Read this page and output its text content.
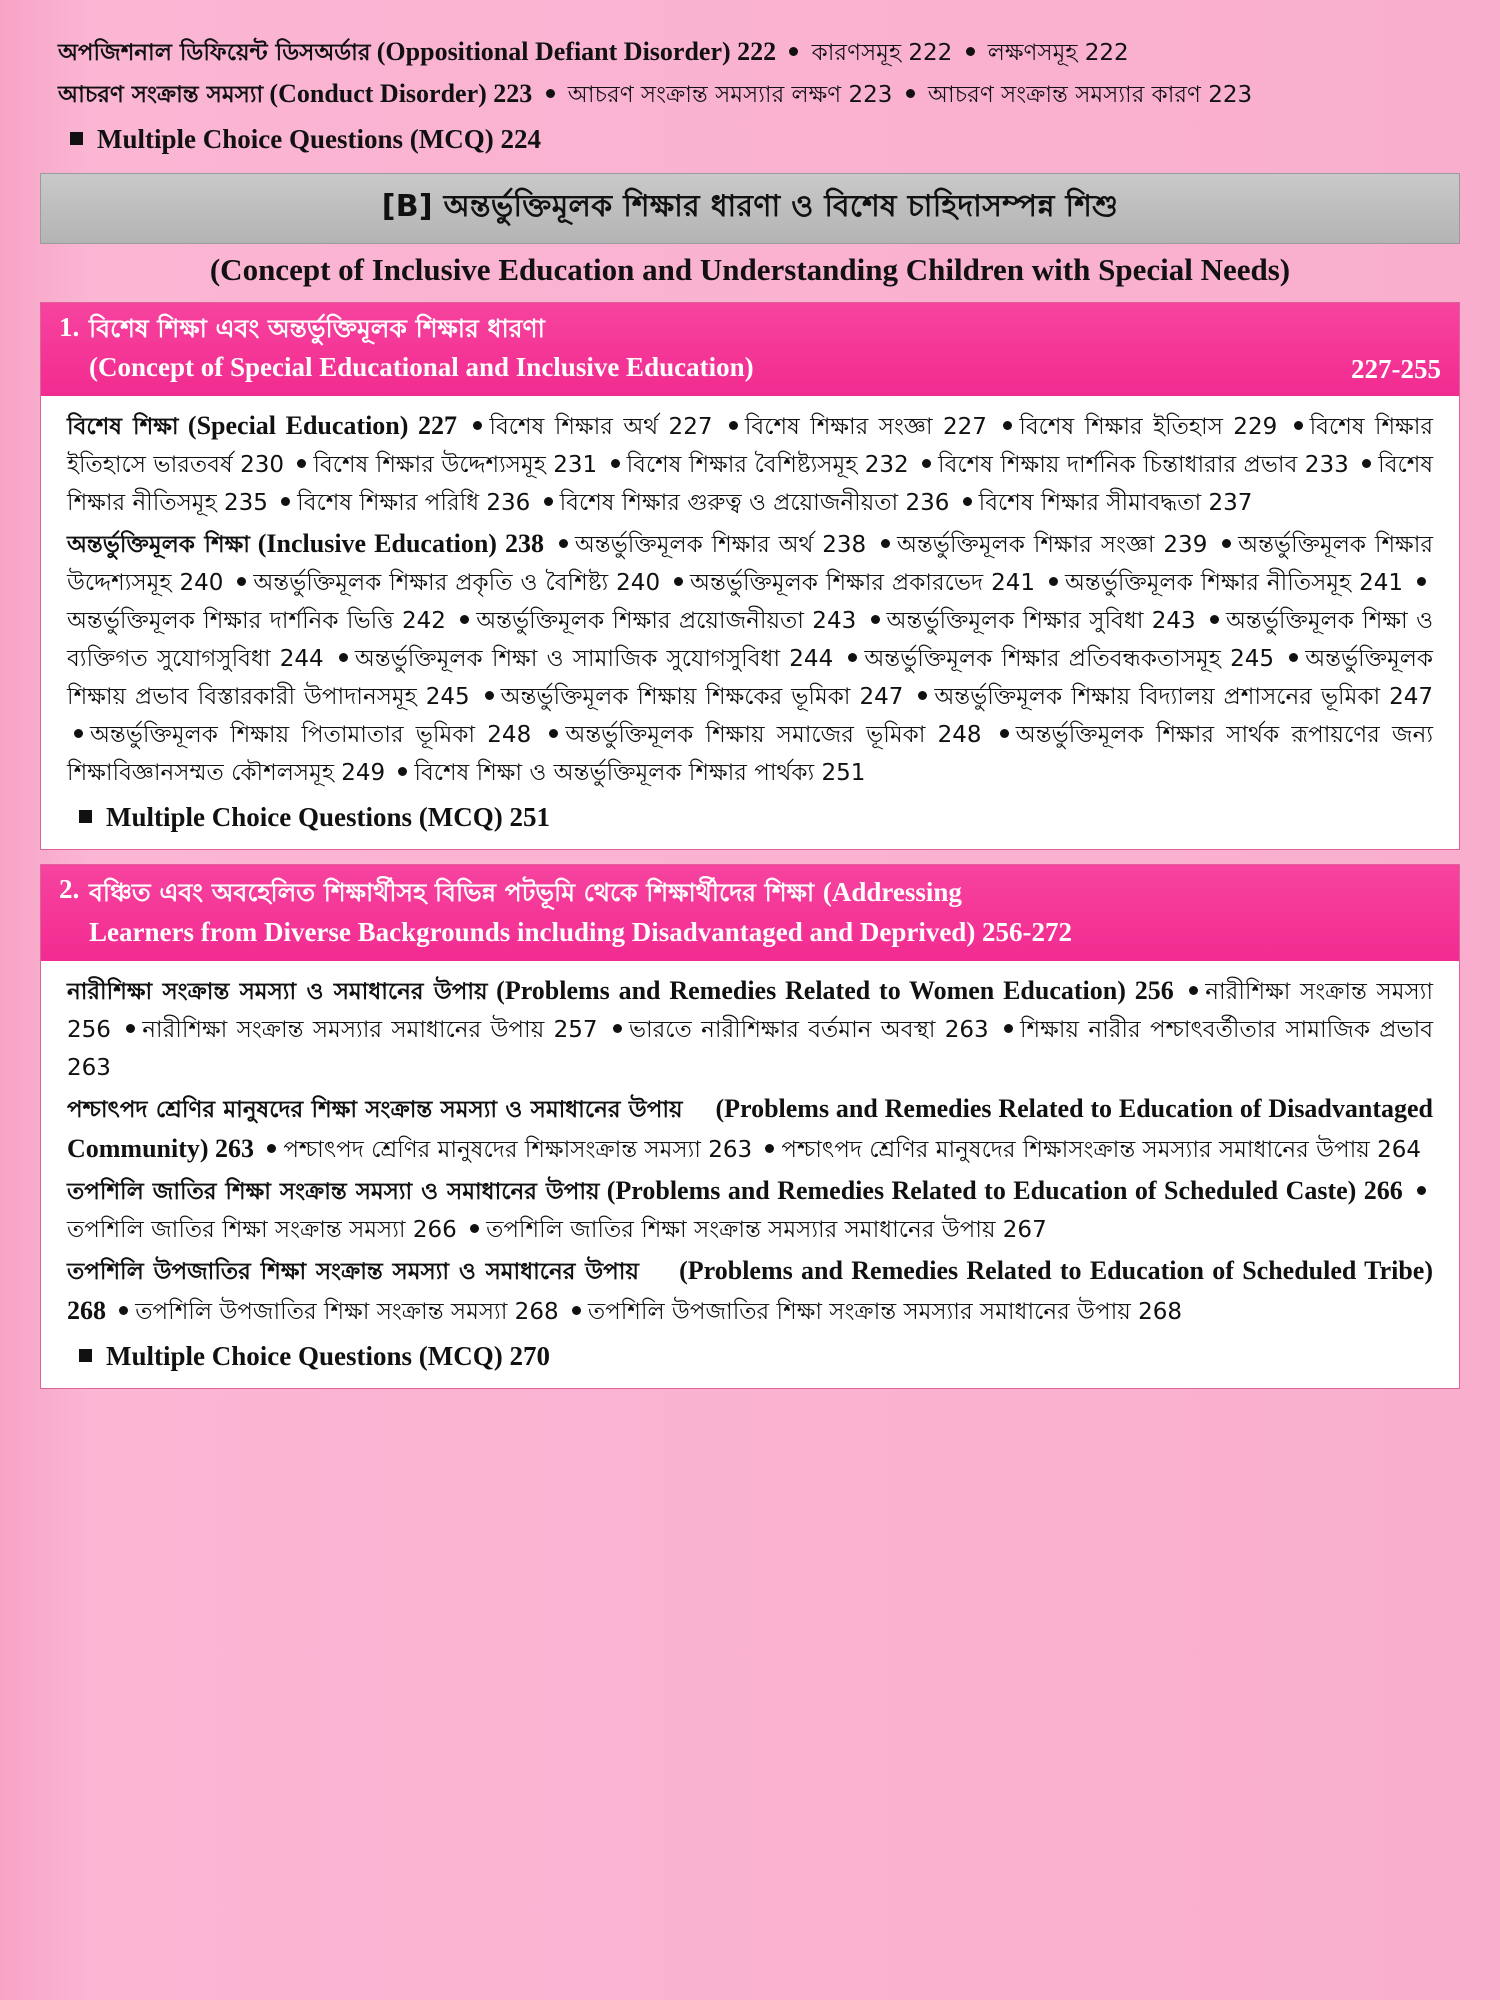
অপজিশনাল ডিফিয়েন্ট ডিসঅর্ডার (Oppositional Defiant Disorder) 222 কারণসমূহ 222 লক্ষণসমূহ 222

আচরণ সংক্রান্ত সমস্যা (Conduct Disorder) 223 আচরণ সংক্রান্ত সমস্যার লক্ষণ 223 আচরণ সংক্রান্ত সমস্যার কারণ 223

Multiple Choice Questions (MCQ) 224
[B] অন্তর্ভুক্তিমূলক শিক্ষার ধারণা ও বিশেষ চাহিদাসম্পন্ন শিশু
(Concept of Inclusive Education and Understanding Children with Special Needs)
1. বিশেষ শিক্ষা এবং অন্তর্ভুক্তিমূলক শিক্ষার ধারণা
(Concept of Special Educational and Inclusive Education)	227-255

বিশেষ শিক্ষা (Special Education) 227 বিশেষ শিক্ষার অর্থ 227 বিশেষ শিক্ষার সংজ্ঞা 227 বিশেষ শিক্ষার ইতিহাস 229 বিশেষ শিক্ষার ইতিহাসে ভারতবর্ষ 230 বিশেষ শিক্ষার উদ্দেশ্যসমূহ 231 বিশেষ শিক্ষার বৈশিষ্ট্যসমূহ 232 বিশেষ শিক্ষায় দার্শনিক চিন্তাধারার প্রভাব 233 বিশেষ শিক্ষার নীতিসমূহ 235 বিশেষ শিক্ষার পরিধি 236 বিশেষ শিক্ষার গুরুত্ব ও প্রয়োজনীয়তা 236 বিশেষ শিক্ষার সীমাবদ্ধতা 237

অন্তর্ভুক্তিমূলক শিক্ষা (Inclusive Education) 238 অন্তর্ভুক্তিমূলক শিক্ষার অর্থ 238 অন্তর্ভুক্তিমূলক শিক্ষার সংজ্ঞা 239 অন্তর্ভুক্তিমূলক শিক্ষার উদ্দেশ্যসমূহ 240 অন্তর্ভুক্তিমূলক শিক্ষার প্রকৃতি ও বৈশিষ্ট্য 240 অন্তর্ভুক্তিমূলক শিক্ষার প্রকারভেদ 241 অন্তর্ভুক্তিমূলক শিক্ষার নীতিসমূহ 241 অন্তর্ভুক্তিমূলক শিক্ষার দার্শনিক ভিত্তি 242 অন্তর্ভুক্তিমূলক শিক্ষার প্রয়োজনীয়তা 243 অন্তর্ভুক্তিমূলক শিক্ষার সুবিধা 243 অন্তর্ভুক্তিমূলক শিক্ষা ও ব্যক্তিগত সুযোগসুবিধা 244 অন্তর্ভুক্তিমূলক শিক্ষা ও সামাজিক সুযোগসুবিধা 244 অন্তর্ভুক্তিমূলক শিক্ষার প্রতিবন্ধকতাসমূহ 245 অন্তর্ভুক্তিমূলক শিক্ষায় প্রভাব বিস্তারকারী উপাদানসমূহ 245 অন্তর্ভুক্তিমূলক শিক্ষায় শিক্ষকের ভূমিকা 247 অন্তর্ভুক্তিমূলক শিক্ষায় বিদ্যালয় প্রশাসনের ভূমিকা 247 অন্তর্ভুক্তিমূলক শিক্ষায় পিতামাতার ভূমিকা 248 অন্তর্ভুক্তিমূলক শিক্ষায় সমাজের ভূমিকা 248 অন্তর্ভুক্তিমূলক শিক্ষার সার্থক রূপায়ণের জন্য শিক্ষাবিজ্ঞানসম্মত কৌশলসমূহ 249 বিশেষ শিক্ষা ও অন্তর্ভুক্তিমূলক শিক্ষার পার্থক্য 251

Multiple Choice Questions (MCQ) 251
2. বঞ্চিত এবং অবহেলিত শিক্ষার্থীসহ বিভিন্ন পটভূমি থেকে শিক্ষার্থীদের শিক্ষা (Addressing
Learners from Diverse Backgrounds including Disadvantaged and Deprived) 256-272

নারীশিক্ষা সংক্রান্ত সমস্যা ও সমাধানের উপায় (Problems and Remedies Related to Women Education) 256 নারীশিক্ষা সংক্রান্ত সমস্যা 256 নারীশিক্ষা সংক্রান্ত সমস্যার সমাধানের উপায় 257 ভারতে নারীশিক্ষার বর্তমান অবস্থা 263 শিক্ষায় নারীর পশ্চাৎবর্তীতার সামাজিক প্রভাব 263

পশ্চাৎপদ শ্রেণির মানুষদের শিক্ষা সংক্রান্ত সমস্যা ও সমাধানের উপায় (Problems and Remedies Related to Education of Disadvantaged Community) 263 পশ্চাৎপদ শ্রেণির মানুষদের শিক্ষাসংক্রান্ত সমস্যা 263 পশ্চাৎপদ শ্রেণির মানুষদের শিক্ষাসংক্রান্ত সমস্যার সমাধানের উপায় 264

তপশিলি জাতির শিক্ষা সংক্রান্ত সমস্যা ও সমাধানের উপায় (Problems and Remedies Related to Education of Scheduled Caste) 266 তপশিলি জাতির শিক্ষা সংক্রান্ত সমস্যা 266 তপশিলি জাতির শিক্ষা সংক্রান্ত সমস্যার সমাধানের উপায় 267

তপশিলি উপজাতির শিক্ষা সংক্রান্ত সমস্যা ও সমাধানের উপায় (Problems and Remedies Related to Education of Scheduled Tribe) 268 তপশিলি উপজাতির শিক্ষা সংক্রান্ত সমস্যা 268 তপশিলি উপজাতির শিক্ষা সংক্রান্ত সমস্যার সমাধানের উপায় 268

Multiple Choice Questions (MCQ) 270
